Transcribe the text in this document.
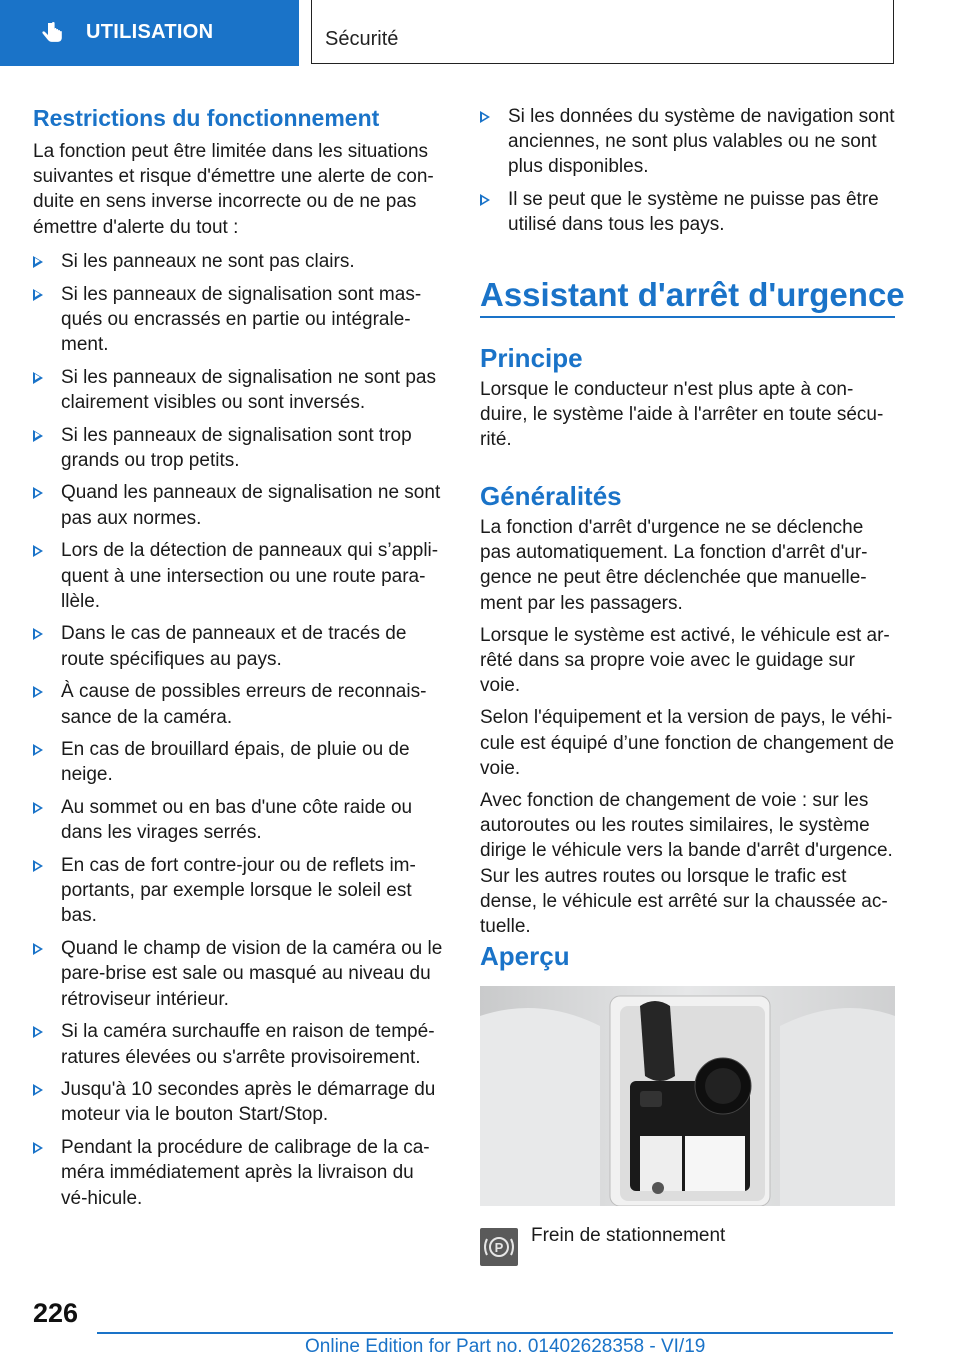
UTILISATION	Sécurité
Restrictions du fonctionnement

La fonction peut être limitée dans les situations suivantes et risque d'émettre une alerte de con-duite en sens inverse incorrecte ou de ne pas émettre d'alerte du tout :

Si les panneaux ne sont pas clairs.
Si les panneaux de signalisation sont mas-qués ou encrassés en partie ou intégrale-ment.
Si les panneaux de signalisation ne sont pas clairement visibles ou sont inversés.
Si les panneaux de signalisation sont trop grands ou trop petits.
Quand les panneaux de signalisation ne sont pas aux normes.
Lors de la détection de panneaux qui s’appli-quent à une intersection ou une route para-llèle.
Dans le cas de panneaux et de tracés de route spécifiques au pays.
À cause de possibles erreurs de reconnais-sance de la caméra.
En cas de brouillard épais, de pluie ou de neige.
Au sommet ou en bas d'une côte raide ou dans les virages serrés.
En cas de fort contre-jour ou de reflets im-portants, par exemple lorsque le soleil est bas.
Quand le champ de vision de la caméra ou le pare-brise est sale ou masqué au niveau du rétroviseur intérieur.
Si la caméra surchauffe en raison de tempé-ratures élevées ou s'arrête provisoirement.
Jusqu'à 10 secondes après le démarrage du moteur via le bouton Start/Stop.
Pendant la procédure de calibrage de la ca-méra immédiatement après la livraison du vé-hicule.
Si les données du système de navigation sont anciennes, ne sont plus valables ou ne sont plus disponibles.
Il se peut que le système ne puisse pas être utilisé dans tous les pays.
Assistant d'arrêt d'urgence
Principe

Lorsque le conducteur n'est plus apte à con-duire, le système l'aide à l'arrêter en toute sécu-rité.

Généralités

La fonction d'arrêt d'urgence ne se déclenche pas automatiquement. La fonction d'arrêt d'ur-gence ne peut être déclenchée que manuelle-ment par les passagers.

Lorsque le système est activé, le véhicule est ar-rêté dans sa propre voie avec le guidage sur voie.

Selon l'équipement et la version de pays, le véhi-cule est équipé d’une fonction de changement de voie.

Avec fonction de changement de voie : sur les autoroutes ou les routes similaires, le système dirige le véhicule vers la bande d'arrêt d'urgence. Sur les autres routes ou lorsque le trafic est dense, le véhicule est arrêté sur la chaussée ac-tuelle.

Aperçu
P
Frein de stationnement
226
Online Edition for Part no. 01402628358 - VI/19
